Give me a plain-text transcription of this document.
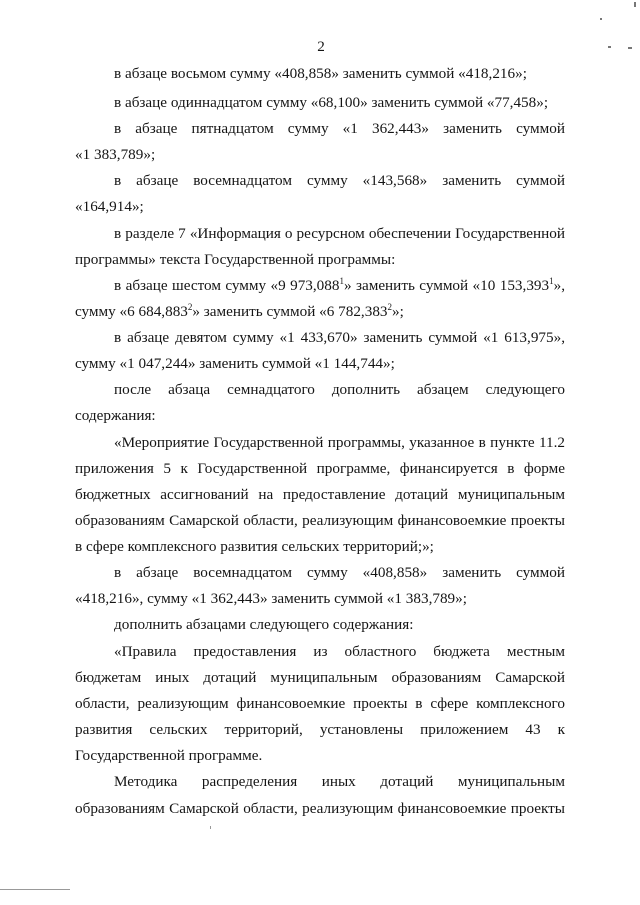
2
в абзаце восьмом сумму «408,858» заменить суммой «418,216»;
в абзаце одиннадцатом сумму «68,100» заменить суммой «77,458»;
в абзаце пятнадцатом сумму «1 362,443» заменить суммой
«1 383,789»;
в абзаце восемнадцатом сумму «143,568» заменить суммой
«164,914»;
в разделе 7 «Информация о ресурсном обеспечении Государственной
программы» текста Государственной программы:
в абзаце шестом сумму «9 973,088$^1$» заменить суммой «10 153,393$^1$»,
сумму «6 684,883$^2$» заменить суммой «6 782,383$^2$»;
в абзаце девятом сумму «1 433,670» заменить суммой «1 613,975»,
сумму «1 047,244» заменить суммой «1 144,744»;
после абзаца семнадцатого дополнить абзацем следующего
содержания:
«Мероприятие Государственной программы, указанное в пункте 11.2
приложения 5 к Государственной программе, финансируется в форме
бюджетных ассигнований на предоставление дотаций муниципальным
образованиям Самарской области, реализующим финансовоемкие проекты
в сфере комплексного развития сельских территорий;»;
в абзаце восемнадцатом сумму «408,858» заменить суммой
«418,216», сумму «1 362,443» заменить суммой «1 383,789»;
дополнить абзацами следующего содержания:
«Правила предоставления из областного бюджета местным
бюджетам иных дотаций муниципальным образованиям Самарской
области, реализующим финансовоемкие проекты в сфере комплексного
развития сельских территорий, установлены приложением 43 к
Государственной программе.
Методика распределения иных дотаций муниципальным
образованиям Самарской области, реализующим финансовоемкие проекты
